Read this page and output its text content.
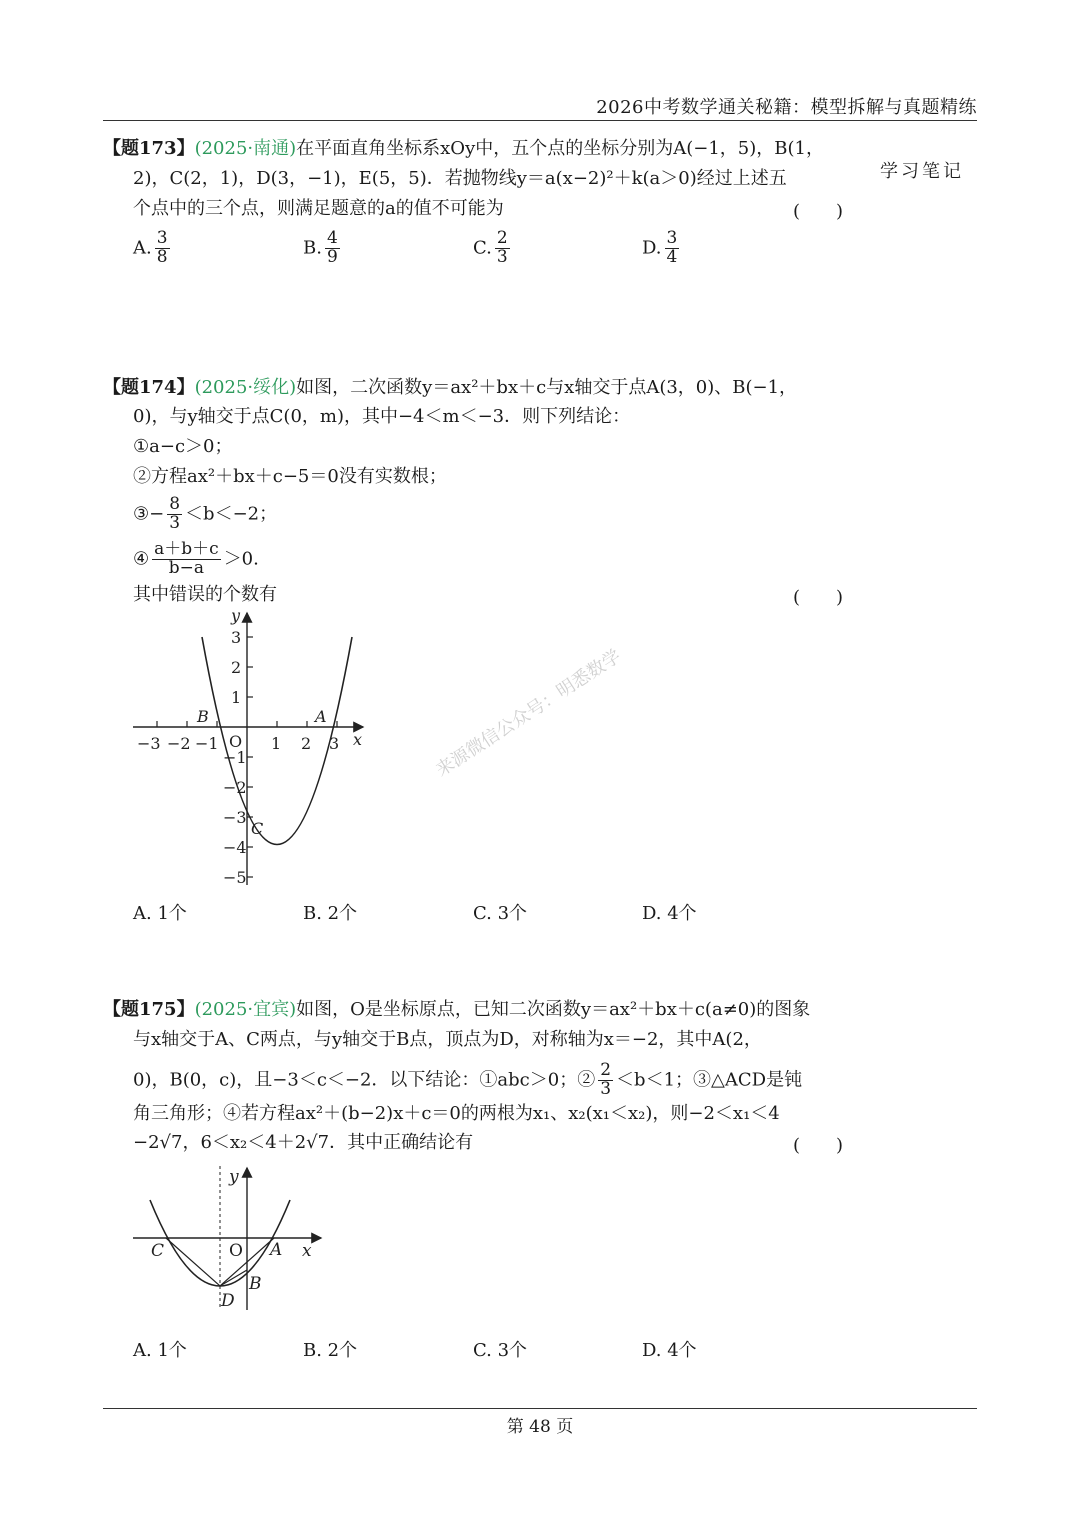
2026中考数学通关秘籍：模型拆解与真题精练
学习笔记
【题173】(2025·南通)在平面直角坐标系xOy中，五个点的坐标分别为A(−1，5)，B(1，
2)，C(2，1)，D(3，−1)，E(5，5)．若抛物线y＝a(x−2)²＋k(a＞0)经过上述五
个点中的三个点，则满足题意的a的值不可能为	(　　)
A. $\frac{3}{8}$	B. $\frac{4}{9}$	C. $\frac{2}{3}$	D. $\frac{3}{4}$
【题174】(2025·绥化)如图，二次函数y＝ax²＋bx＋c与x轴交于点A(3，0)、B(−1，
0)，与y轴交于点C(0，m)，其中−4＜m＜−3．则下列结论：
①a−c＞0；
②方程ax²＋bx＋c−5＝0没有实数根；
③− $\frac{8}{3} <b<-2$；
④ $\frac{a+b+c}{b-a} >0$.
其中错误的个数有	(　　)
−3 −2 −1	1 2 3
3
2
1
−1
−2
−3
−4
−5
O	x
y
B	A
C
A. 1个	B. 2个	C. 3个	D. 4个
【题175】(2025·宜宾)如图，O是坐标原点，已知二次函数y＝ax²＋bx＋c(a≠0)的图象
与x轴交于A、C两点，与y轴交于B点，顶点为D，对称轴为x＝−2，其中A(2，
0)，B(0，c)，且−3＜c＜−2．以下结论：①abc＞0；② $\frac{2}{3} <b<1$；③△ACD是钝
角三角形；④若方程ax²＋(b−2)x＋c＝0的两根为x₁、x₂(x₁＜x₂)，则−2＜x₁＜4
−2√7，6＜x₂＜4＋2√7．其中正确结论有	(　　)
C	O A x
y
B
D
A. 1个	B. 2个	C. 3个	D. 4个
来源微信公众号：明悉数学
第 48 页
